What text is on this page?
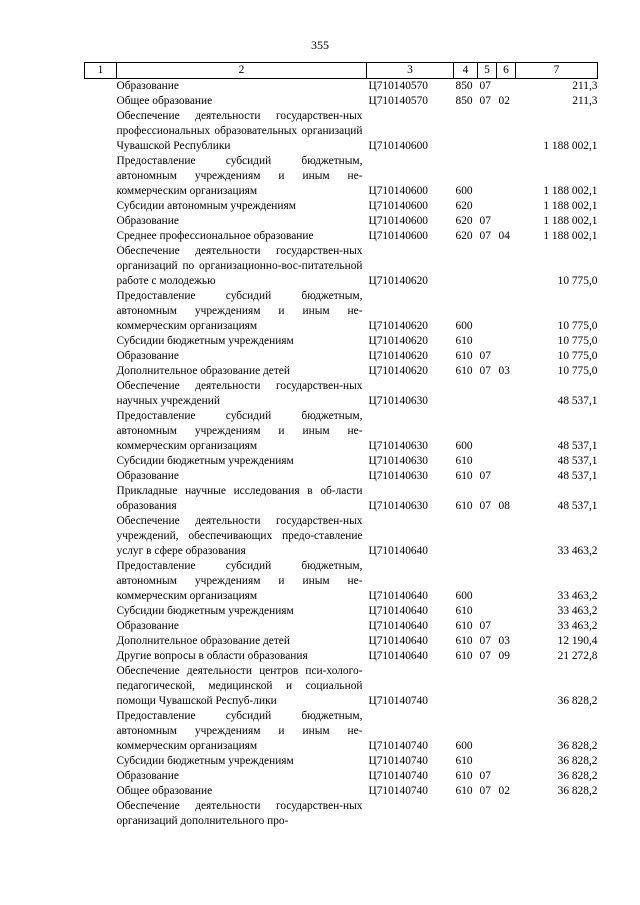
355
1	2	3	4	5	6	7
	Образование	Ц710140570	850	07		211,3
	Общее образование	Ц710140570	850	07	02	211,3
	Обеспечение деятельности государствен-ных профессиональных образовательных организаций Чувашской Республики	Ц710140600				1 188 002,1
	Предоставление субсидий бюджетным, автономным учреждениям и иным не-коммерческим организациям	Ц710140600	600			1 188 002,1
	Субсидии автономным учреждениям	Ц710140600	620			1 188 002,1
	Образование	Ц710140600	620	07		1 188 002,1
	Среднее профессиональное образование	Ц710140600	620	07	04	1 188 002,1
	Обеспечение деятельности государствен-ных организаций по организационно-вос-питательной работе с молодежью	Ц710140620				10 775,0
	Предоставление субсидий бюджетным, автономным учреждениям и иным не-коммерческим организациям	Ц710140620	600			10 775,0
	Субсидии бюджетным учреждениям	Ц710140620	610			10 775,0
	Образование	Ц710140620	610	07		10 775,0
	Дополнительное образование детей	Ц710140620	610	07	03	10 775,0
	Обеспечение деятельности государствен-ных научных учреждений	Ц710140630				48 537,1
	Предоставление субсидий бюджетным, автономным учреждениям и иным не-коммерческим организациям	Ц710140630	600			48 537,1
	Субсидии бюджетным учреждениям	Ц710140630	610			48 537,1
	Образование	Ц710140630	610	07		48 537,1
	Прикладные научные исследования в об-ласти образования	Ц710140630	610	07	08	48 537,1
	Обеспечение деятельности государствен-ных учреждений, обеспечивающих предо-ставление услуг в сфере образования	Ц710140640				33 463,2
	Предоставление субсидий бюджетным, автономным учреждениям и иным не-коммерческим организациям	Ц710140640	600			33 463,2
	Субсидии бюджетным учреждениям	Ц710140640	610			33 463,2
	Образование	Ц710140640	610	07		33 463,2
	Дополнительное образование детей	Ц710140640	610	07	03	12 190,4
	Другие вопросы в области образования	Ц710140640	610	07	09	21 272,8
	Обеспечение деятельности центров пси-холого-педагогической, медицинской и социальной помощи Чувашской Респуб-лики	Ц710140740				36 828,2
	Предоставление субсидий бюджетным, автономным учреждениям и иным не-коммерческим организациям	Ц710140740	600			36 828,2
	Субсидии бюджетным учреждениям	Ц710140740	610			36 828,2
	Образование	Ц710140740	610	07		36 828,2
	Общее образование	Ц710140740	610	07	02	36 828,2
	Обеспечение деятельности государствен-ных организаций дополнительного про-					
